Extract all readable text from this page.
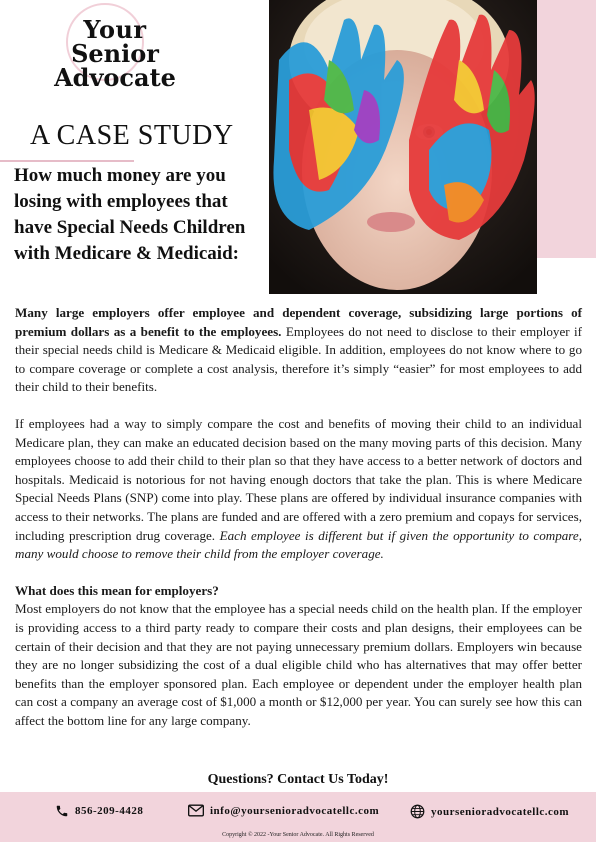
Your
Senior
Advocate
A CASE STUDY
How much money are you losing with employees that have Special Needs Children with Medicare & Medicaid:

Many large employers offer employee and dependent coverage, subsidizing large portions of premium dollars as a benefit to the employees. Employees do not need to disclose to their employer if their special needs child is Medicare & Medicaid eligible. In addition, employees do not know where to go to compare coverage or complete a cost analysis, therefore it’s simply “easier” for most employees to add their child to their benefits.

If employees had a way to simply compare the cost and benefits of moving their child to an individual Medicare plan, they can make an educated decision based on the many moving parts of this decision. Many employees choose to add their child to their plan so that they have access to a better network of doctors and hospitals. Medicaid is notorious for not having enough doctors that take the plan. This is where Medicare Special Needs Plans (SNP) come into play. These plans are offered by individual insurance companies with access to their networks. The plans are funded and are offered with a zero premium and copays for services, including prescription drug coverage. Each employee is different but if given the opportunity to compare, many would choose to remove their child from the employer coverage.

What does this mean for employers?

Most employers do not know that the employee has a special needs child on the health plan. If the employer is providing access to a third party ready to compare their costs and plan designs, their employees can be certain of their decision and that they are not paying unnecessary premium dollars. Employers win because they are no longer subsidizing the cost of a dual eligible child who has alternatives that may offer better benefits than the employer sponsored plan. Each employee or dependent under the employer health plan can cost a company an average cost of $1,000 a month or $12,000 per year. You can surely see how this can affect the bottom line for any large company.

Questions? Contact Us Today!
856-209-4428	info@yoursenioradvocatellc.com	yoursenioradvocatellc.com
Copyright © 2022 -Your Senior Advocate. All Rights Reserved
